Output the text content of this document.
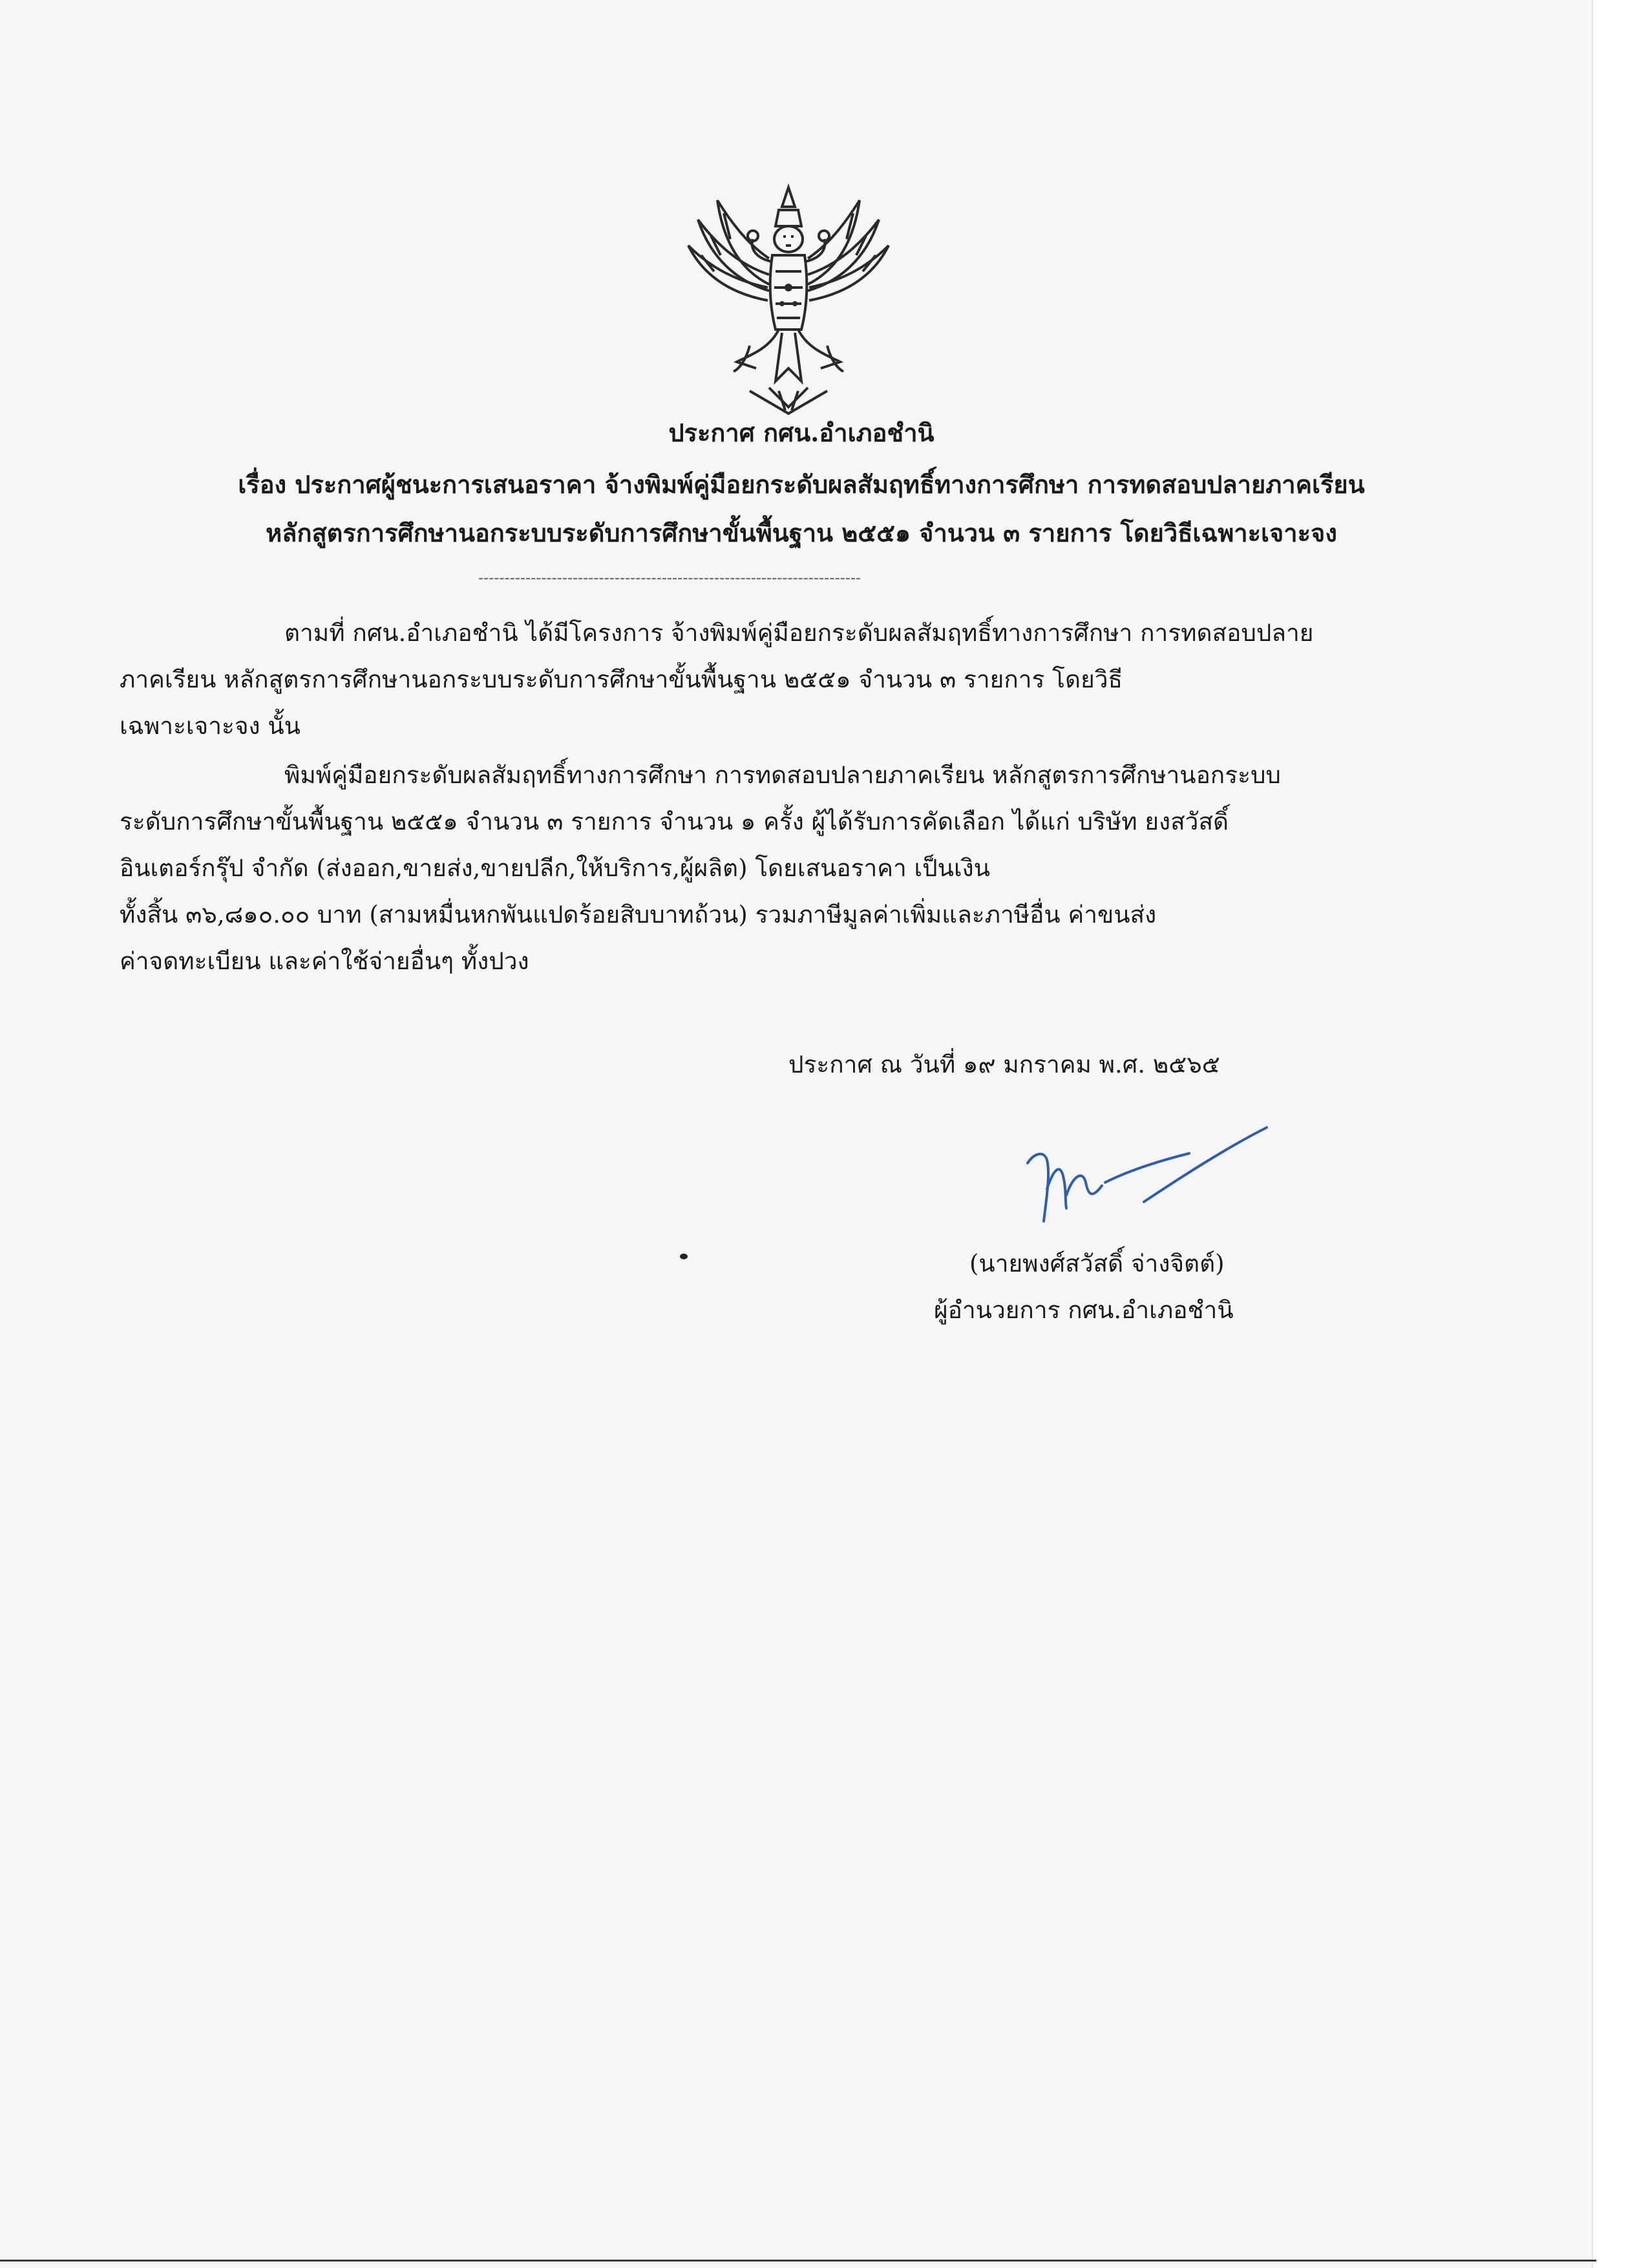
ประกาศ กศน.อำเภอชำนิ
เรื่อง ประกาศผู้ชนะการเสนอราคา จ้างพิมพ์คู่มือยกระดับผลสัมฤทธิ์ทางการศึกษา การทดสอบปลายภาคเรียน
หลักสูตรการศึกษานอกระบบระดับการศึกษาขั้นพื้นฐาน ๒๕๕๑ จำนวน ๓ รายการ โดยวิธีเฉพาะเจาะจง
-------------------------------------------------------------------------
ตามที่ กศน.อำเภอชำนิ ได้มีโครงการ จ้างพิมพ์คู่มือยกระดับผลสัมฤทธิ์ทางการศึกษา การทดสอบปลาย
ภาคเรียน หลักสูตรการศึกษานอกระบบระดับการศึกษาขั้นพื้นฐาน ๒๕๕๑ จำนวน ๓ รายการ โดยวิธี
เฉพาะเจาะจง นั้น
พิมพ์คู่มือยกระดับผลสัมฤทธิ์ทางการศึกษา การทดสอบปลายภาคเรียน หลักสูตรการศึกษานอกระบบ
ระดับการศึกษาขั้นพื้นฐาน ๒๕๕๑ จำนวน ๓ รายการ จำนวน ๑ ครั้ง ผู้ได้รับการคัดเลือก ได้แก่ บริษัท ยงสวัสดิ์
อินเตอร์กรุ๊ป จำกัด (ส่งออก,ขายส่ง,ขายปลีก,ให้บริการ,ผู้ผลิต) โดยเสนอราคา เป็นเงิน
ทั้งสิ้น ๓๖,๘๑๐.๐๐ บาท (สามหมื่นหกพันแปดร้อยสิบบาทถ้วน) รวมภาษีมูลค่าเพิ่มและภาษีอื่น ค่าขนส่ง
ค่าจดทะเบียน และค่าใช้จ่ายอื่นๆ ทั้งปวง
ประกาศ ณ วันที่ ๑๙ มกราคม พ.ศ. ๒๕๖๕
(นายพงศ์สวัสดิ์ จ่างจิตต์)
ผู้อำนวยการ กศน.อำเภอชำนิ
